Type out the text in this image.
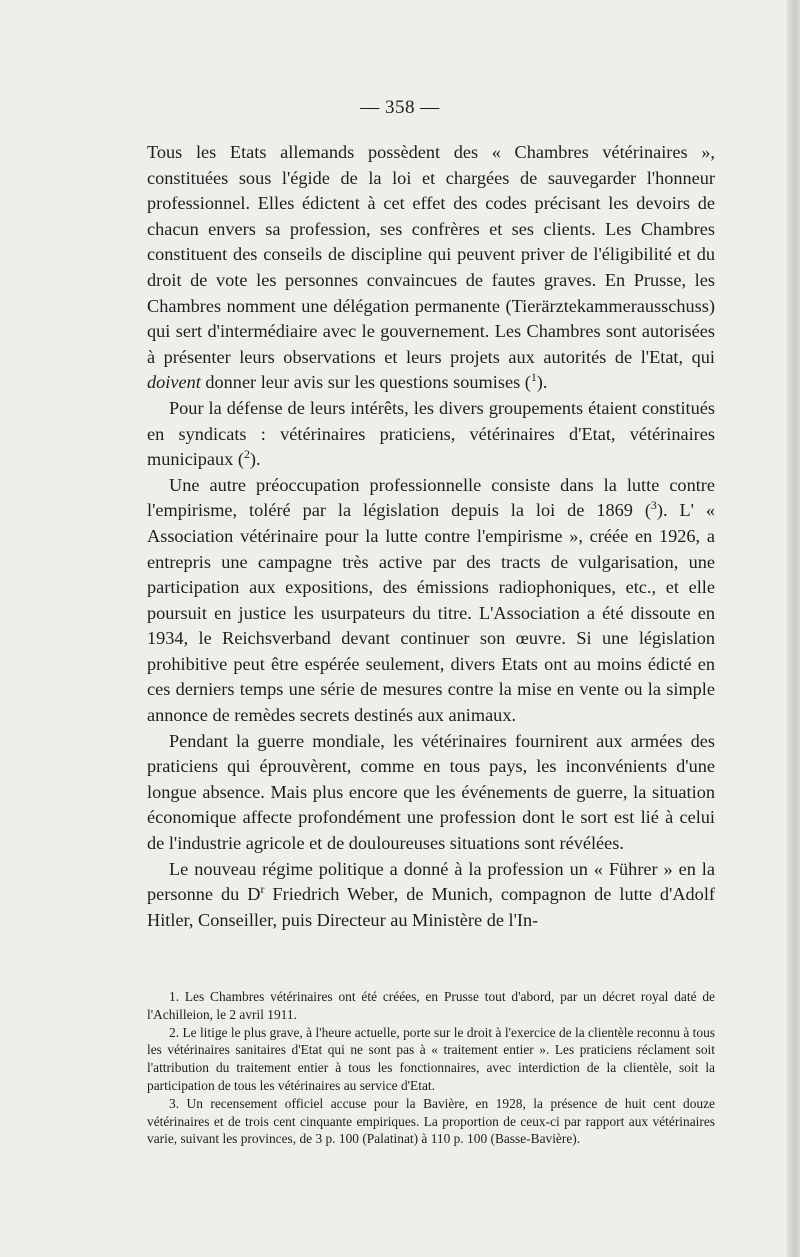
— 358 —

Tous les Etats allemands possèdent des « Chambres vétérinaires », constituées sous l'égide de la loi et chargées de sauvegarder l'honneur professionnel. Elles édictent à cet effet des codes précisant les devoirs de chacun envers sa profession, ses confrères et ses clients. Les Chambres constituent des conseils de discipline qui peuvent priver de l'éligibilité et du droit de vote les personnes convaincues de fautes graves. En Prusse, les Chambres nomment une délégation permanente (Tierärztekammerausschuss) qui sert d'intermédiaire avec le gouvernement. Les Chambres sont autorisées à présenter leurs observations et leurs projets aux autorités de l'Etat, qui doivent donner leur avis sur les questions soumises ($^1$).

Pour la défense de leurs intérêts, les divers groupements étaient constitués en syndicats : vétérinaires praticiens, vétérinaires d'Etat, vétérinaires municipaux ($^2$).

Une autre préoccupation professionnelle consiste dans la lutte contre l'empirisme, toléré par la législation depuis la loi de 1869 ($^3$). L' « Association vétérinaire pour la lutte contre l'empirisme », créée en 1926, a entrepris une campagne très active par des tracts de vulgarisation, une participation aux expositions, des émissions radiophoniques, etc., et elle poursuit en justice les usurpateurs du titre. L'Association a été dissoute en 1934, le Reichsverband devant continuer son œuvre. Si une législation prohibitive peut être espérée seulement, divers Etats ont au moins édicté en ces derniers temps une série de mesures contre la mise en vente ou la simple annonce de remèdes secrets destinés aux animaux.

Pendant la guerre mondiale, les vétérinaires fournirent aux armées des praticiens qui éprouvèrent, comme en tous pays, les inconvénients d'une longue absence. Mais plus encore que les événements de guerre, la situation économique affecte profondément une profession dont le sort est lié à celui de l'industrie agricole et de douloureuses situations sont révélées.

Le nouveau régime politique a donné à la profession un « Führer » en la personne du $D^r$ Friedrich Weber, de Munich, compagnon de lutte d'Adolf Hitler, Conseiller, puis Directeur au Ministère de l'In-

1. Les Chambres vétérinaires ont été créées, en Prusse tout d'abord, par un décret royal daté de l'Achilleion, le 2 avril 1911.

2. Le litige le plus grave, à l'heure actuelle, porte sur le droit à l'exercice de la clientèle reconnu à tous les vétérinaires sanitaires d'Etat qui ne sont pas à « traitement entier ». Les praticiens réclament soit l'attribution du traitement entier à tous les fonctionnaires, avec interdiction de la clientèle, soit la participation de tous les vétérinaires au service d'Etat.

3. Un recensement officiel accuse pour la Bavière, en 1928, la présence de huit cent douze vétérinaires et de trois cent cinquante empiriques. La proportion de ceux-ci par rapport aux vétérinaires varie, suivant les provinces, de 3 p. 100 (Palatinat) à 110 p. 100 (Basse-Bavière).
